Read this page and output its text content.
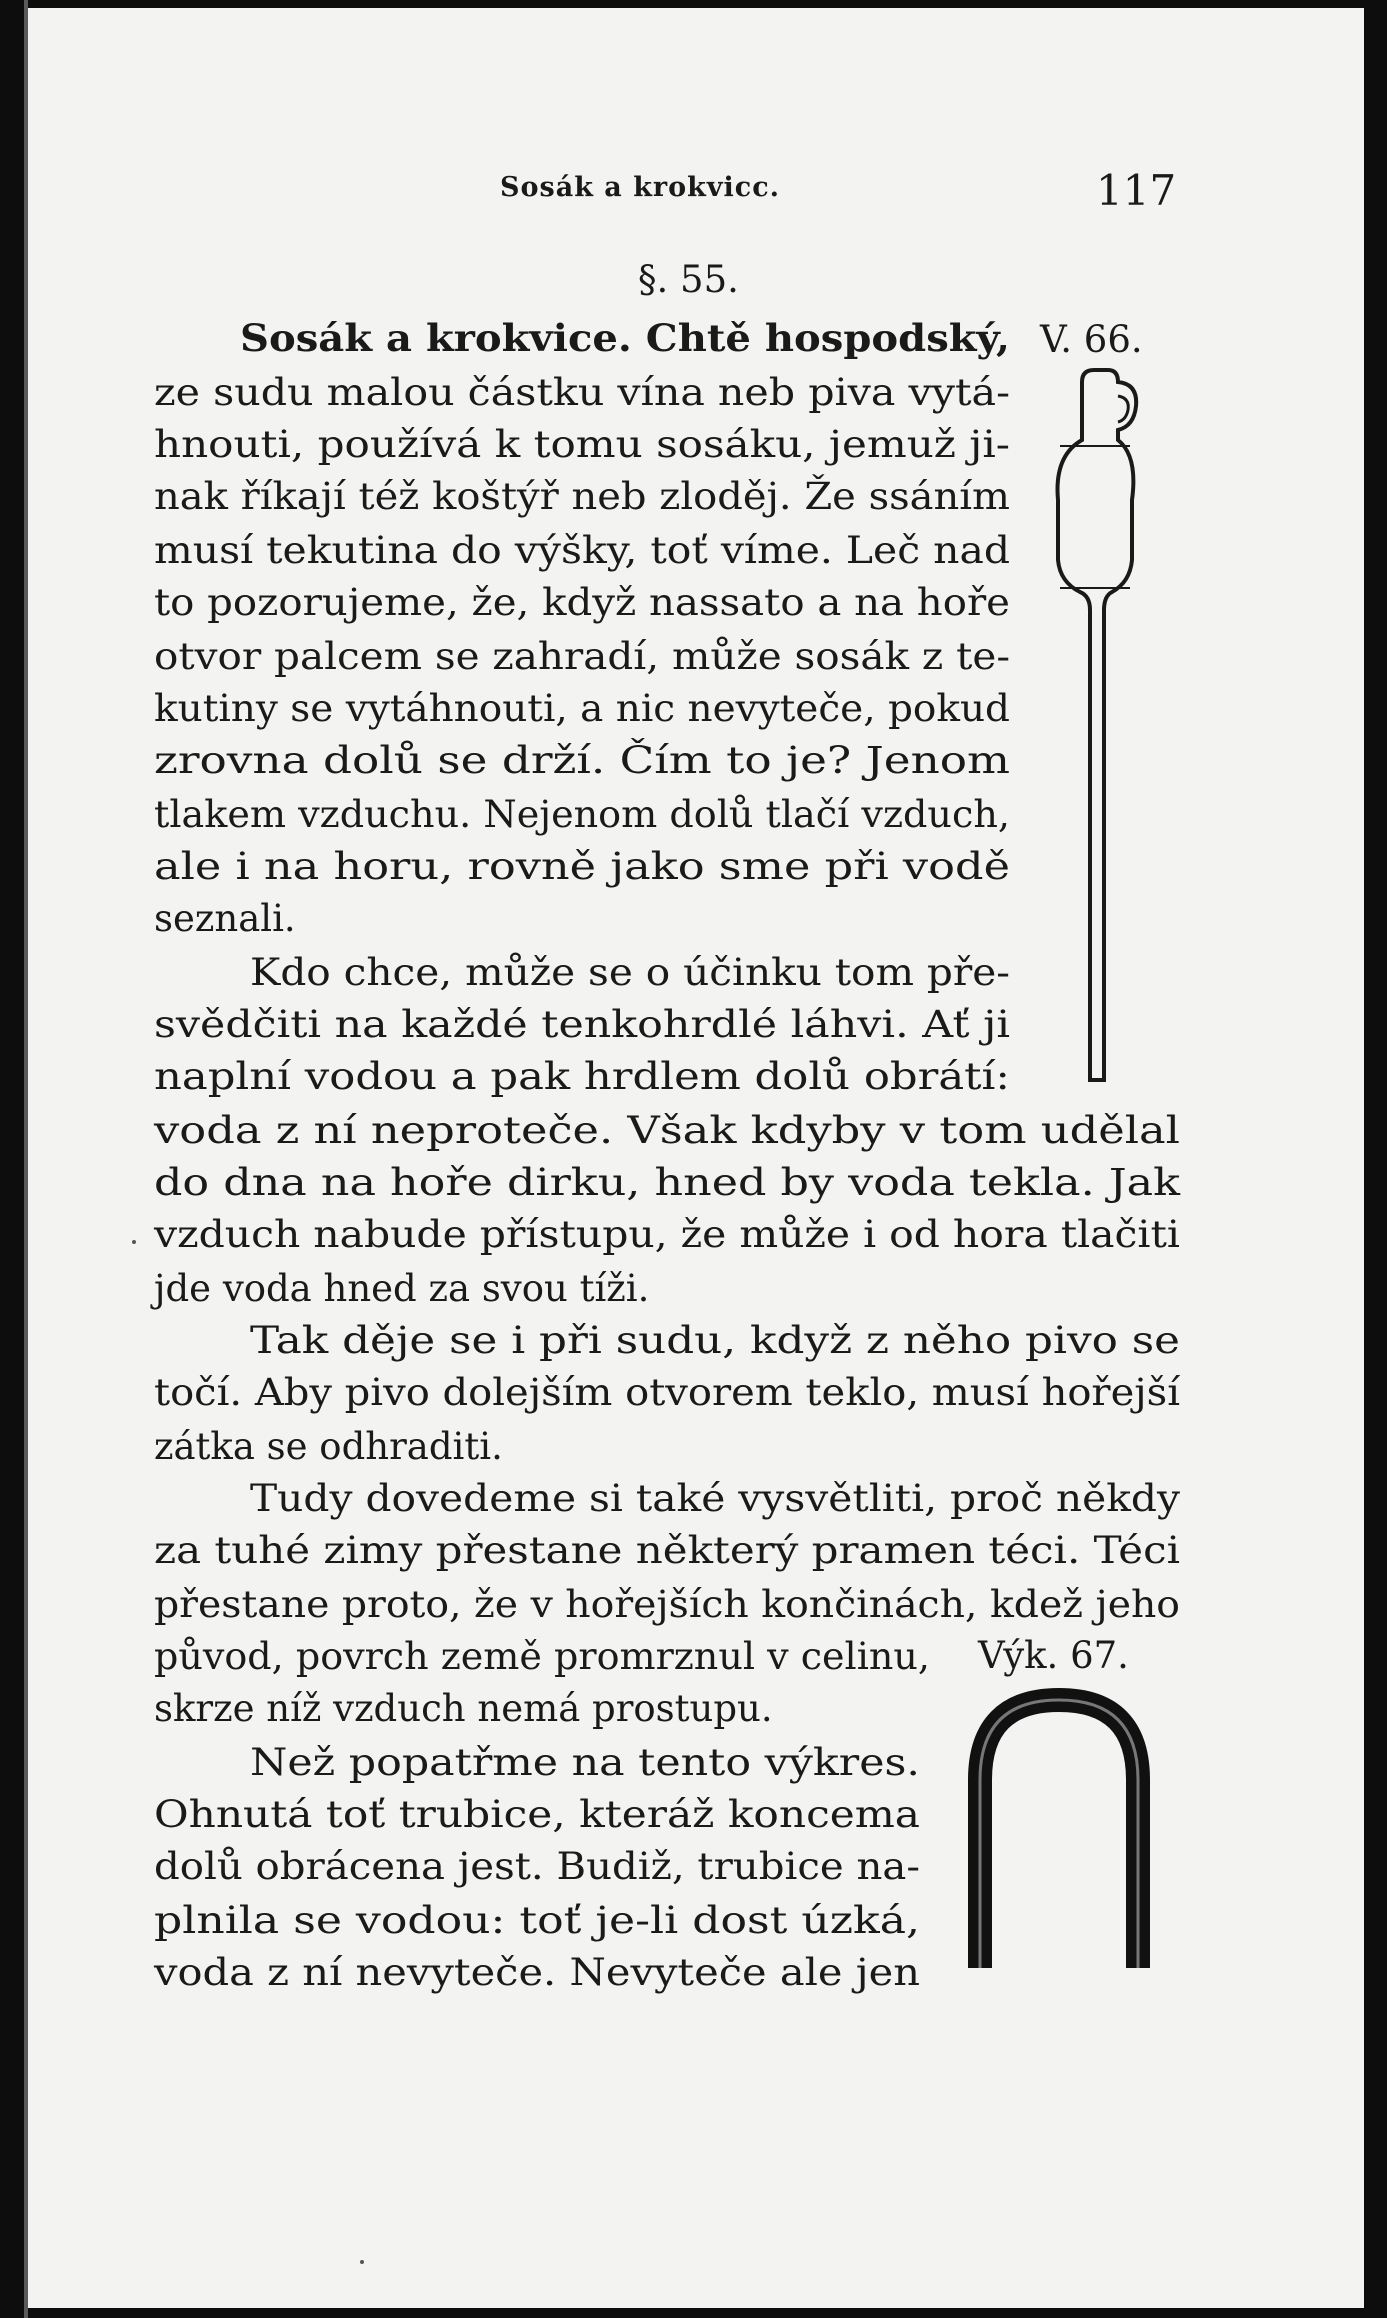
Sosák a krokvicc.	117
§. 55.
V. 66.
Výk. 67.
Sosák a krokvice. Chtě hospodský,
ze sudu malou částku vína neb piva vytá-
hnouti, používá k tomu sosáku, jemuž ji-
nak říkají též koštýř neb zloděj. Že ssáním
musí tekutina do výšky, toť víme. Leč nad
to pozorujeme, že, když nassato a na hoře
otvor palcem se zahradí, může sosák z te-
kutiny se vytáhnouti, a nic nevyteče, pokud
zrovna dolů se drží. Čím to je? Jenom
tlakem vzduchu. Nejenom dolů tlačí vzduch,
ale i na horu, rovně jako sme při vodě
seznali.
Kdo chce, může se o účinku tom pře-
svědčiti na každé tenkohrdlé láhvi. Ať ji
naplní vodou a pak hrdlem dolů obrátí:
voda z ní neproteče. Však kdyby v tom udělal
do dna na hoře dirku, hned by voda tekla. Jak
vzduch nabude přístupu, že může i od hora tlačiti
jde voda hned za svou tíži.
Tak děje se i při sudu, když z něho pivo se
točí. Aby pivo dolejším otvorem teklo, musí hořejší
zátka se odhraditi.
Tudy dovedeme si také vysvětliti, proč někdy
za tuhé zimy přestane některý pramen téci. Téci
přestane proto, že v hořejších končinách, kdež jeho
původ, povrch země promrznul v celinu,
skrze níž vzduch nemá prostupu.
Než popatřme na tento výkres.
Ohnutá toť trubice, kteráž koncema
dolů obrácena jest. Budiž, trubice na-
plnila se vodou: toť je-li dost úzká,
voda z ní nevyteče. Nevyteče ale jen
